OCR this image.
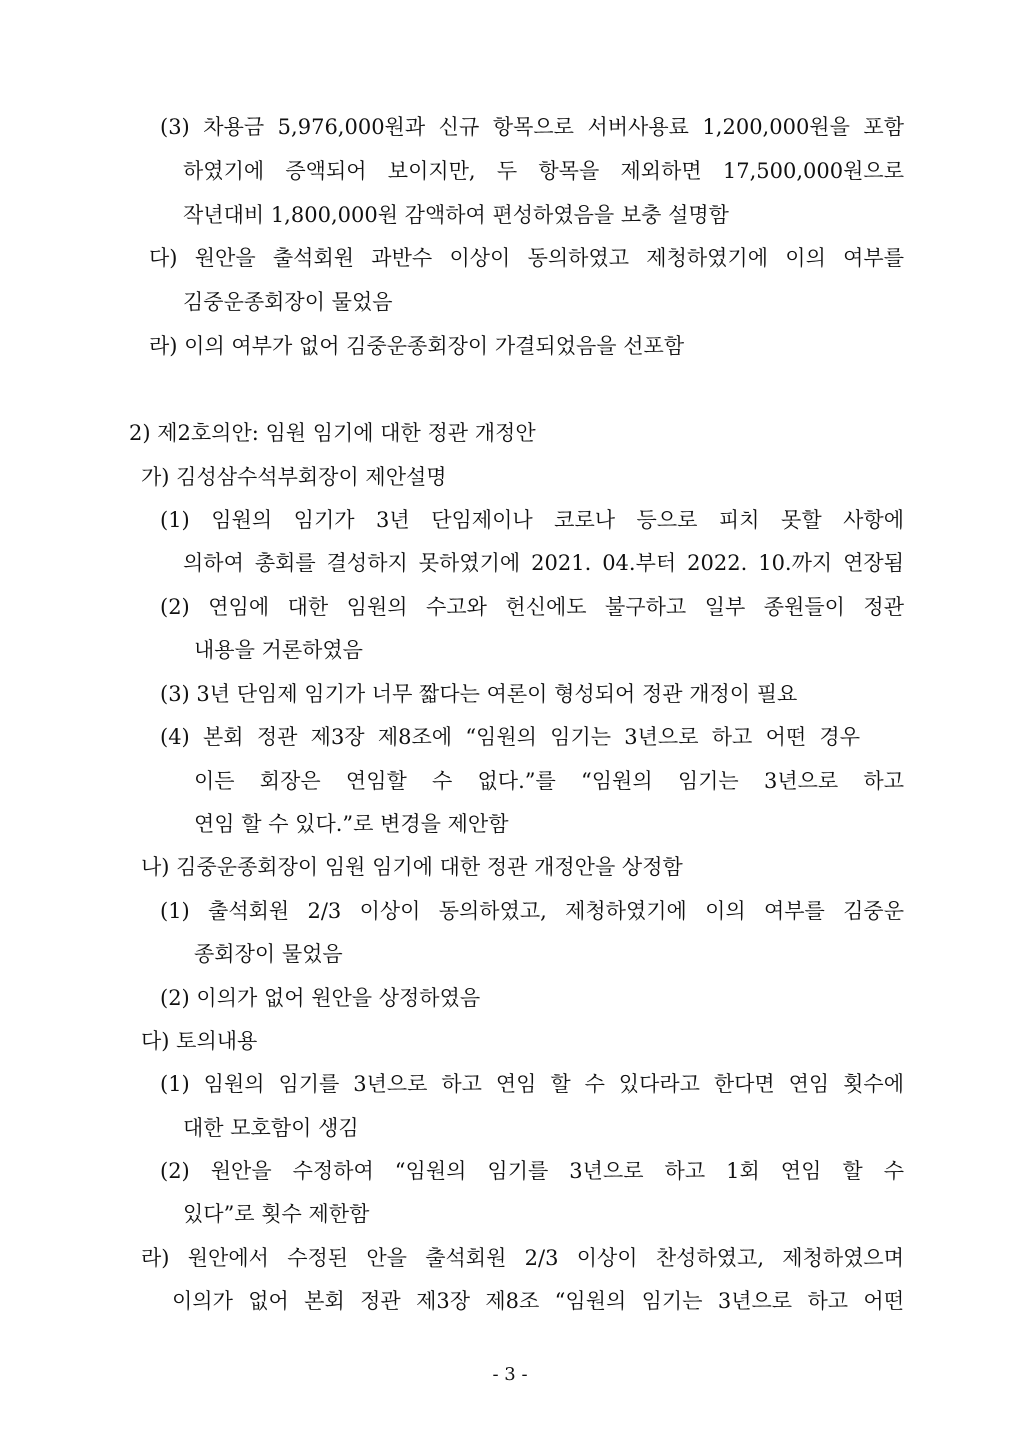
(3) 차용금 5,976,000원과 신규 항목으로 서버사용료 1,200,000원을 포함
하였기에 증액되어 보이지만, 두 항목을 제외하면 17,500,000원으로
작년대비 1,800,000원 감액하여 편성하였음을 보충 설명함
다) 원안을 출석회원 과반수 이상이 동의하였고 제청하였기에 이의 여부를
김중운종회장이 물었음
라) 이의 여부가 없어 김중운종회장이 가결되었음을 선포함
2) 제2호의안: 임원 임기에 대한 정관 개정안
가) 김성삼수석부회장이 제안설명
(1) 임원의 임기가 3년 단임제이나 코로나 등으로 피치 못할 사항에
의하여 총회를 결성하지 못하였기에 2021. 04.부터 2022. 10.까지 연장됨
(2) 연임에 대한 임원의 수고와 헌신에도 불구하고 일부 종원들이 정관
내용을 거론하였음
(3) 3년 단임제 임기가 너무 짧다는 여론이 형성되어 정관 개정이 필요
(4) 본회 정관 제3장 제8조에 “임원의 임기는 3년으로 하고 어떤 경우
이든 회장은 연임할 수 없다.”를 “임원의 임기는 3년으로 하고
연임 할 수 있다.”로 변경을 제안함
나) 김중운종회장이 임원 임기에 대한 정관 개정안을 상정함
(1) 출석회원 2/3 이상이 동의하였고, 제청하였기에 이의 여부를 김중운
종회장이 물었음
(2) 이의가 없어 원안을 상정하였음
다) 토의내용
(1) 임원의 임기를 3년으로 하고 연임 할 수 있다라고 한다면 연임 횟수에
대한 모호함이 생김
(2) 원안을 수정하여 “임원의 임기를 3년으로 하고 1회 연임 할 수
있다”로 횟수 제한함
라) 원안에서 수정된 안을 출석회원 2/3 이상이 찬성하였고, 제청하였으며
이의가 없어 본회 정관 제3장 제8조 “임원의 임기는 3년으로 하고 어떤
- 3 -
